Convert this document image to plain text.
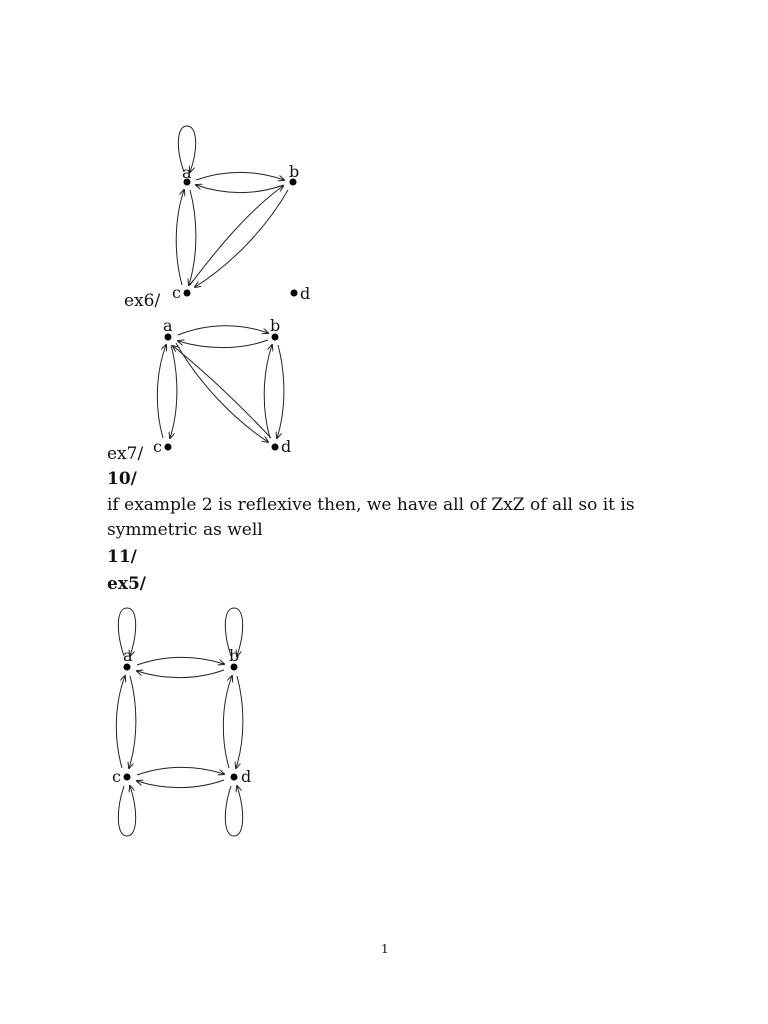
a	b
c	d
a	b
c	d
a	b
c	d
ex6/
ex7/
10/
if example 2 is reflexive then, we have all of ZxZ of all so it is symmetric as well
11/
ex5/
1
